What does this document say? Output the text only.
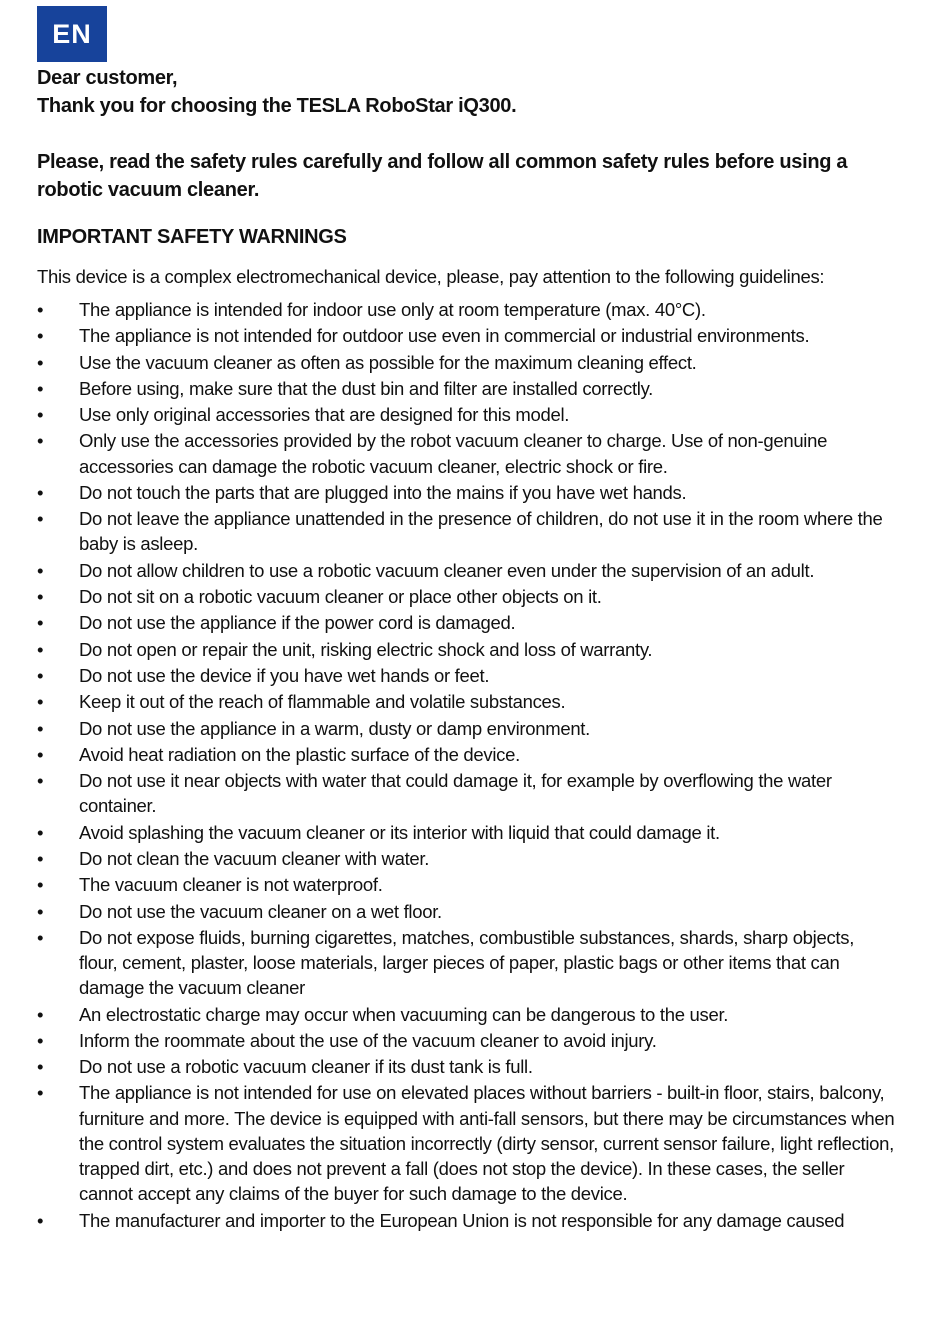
EN
Dear customer,
Thank you for choosing the TESLA RoboStar iQ300.
Please, read the safety rules carefully and follow all common safety rules before using a robotic vacuum cleaner.
IMPORTANT SAFETY WARNINGS
This device is a complex electromechanical device, please, pay attention to the following guidelines:
• The appliance is intended for indoor use only at room temperature (max. 40°C).
• The appliance is not intended for outdoor use even in commercial or industrial environments.
• Use the vacuum cleaner as often as possible for the maximum cleaning effect.
• Before using, make sure that the dust bin and filter are installed correctly.
• Use only original accessories that are designed for this model.
• Only use the accessories provided by the robot vacuum cleaner to charge. Use of non-genuine accessories can damage the robotic vacuum cleaner, electric shock or fire.
• Do not touch the parts that are plugged into the mains if you have wet hands.
• Do not leave the appliance unattended in the presence of children, do not use it in the room where the baby is asleep.
• Do not allow children to use a robotic vacuum cleaner even under the supervision of an adult.
• Do not sit on a robotic vacuum cleaner or place other objects on it.
• Do not use the appliance if the power cord is damaged.
• Do not open or repair the unit, risking electric shock and loss of warranty.
• Do not use the device if you have wet hands or feet.
• Keep it out of the reach of flammable and volatile substances.
• Do not use the appliance in a warm, dusty or damp environment.
• Avoid heat radiation on the plastic surface of the device.
• Do not use it near objects with water that could damage it, for example by overflowing the water container.
• Avoid splashing the vacuum cleaner or its interior with liquid that could damage it.
• Do not clean the vacuum cleaner with water.
• The vacuum cleaner is not waterproof.
• Do not use the vacuum cleaner on a wet floor.
• Do not expose fluids, burning cigarettes, matches, combustible substances, shards, sharp objects, flour, cement, plaster, loose materials, larger pieces of paper, plastic bags or other items that can damage the vacuum cleaner
• An electrostatic charge may occur when vacuuming can be dangerous to the user.
• Inform the roommate about the use of the vacuum cleaner to avoid injury.
• Do not use a robotic vacuum cleaner if its dust tank is full.
• The appliance is not intended for use on elevated places without barriers - built-in floor, stairs, balcony, furniture and more. The device is equipped with anti-fall sensors, but there may be circumstances when the control system evaluates the situation incorrectly (dirty sensor, current sensor failure, light reflection, trapped dirt, etc.) and does not prevent a fall (does not stop the device). In these cases, the seller cannot accept any claims of the buyer for such damage to the device.
• The manufacturer and importer to the European Union is not responsible for any damage caused
